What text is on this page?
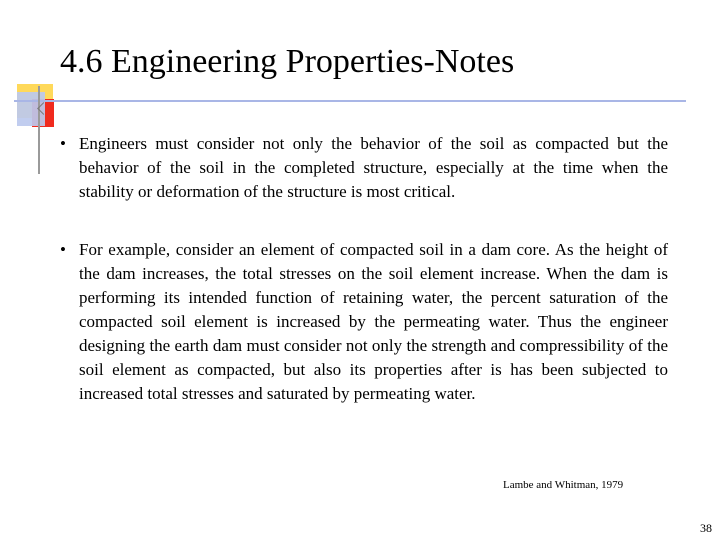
4.6 Engineering Properties-Notes
• Engineers must consider not only the behavior of the soil as compacted but the behavior of the soil in the completed structure, especially at the time when the stability or deformation of the structure is most critical.
• For example, consider an element of compacted soil in a dam core. As the height of the dam increases, the total stresses on the soil element increase. When the dam is performing its intended function of retaining water, the percent saturation of the compacted soil element is increased by the permeating water. Thus the engineer designing the earth dam must consider not only the strength and compressibility of the soil element as compacted, but also its properties after is has been subjected to increased total stresses and saturated by permeating water.
Lambe and Whitman, 1979
38
